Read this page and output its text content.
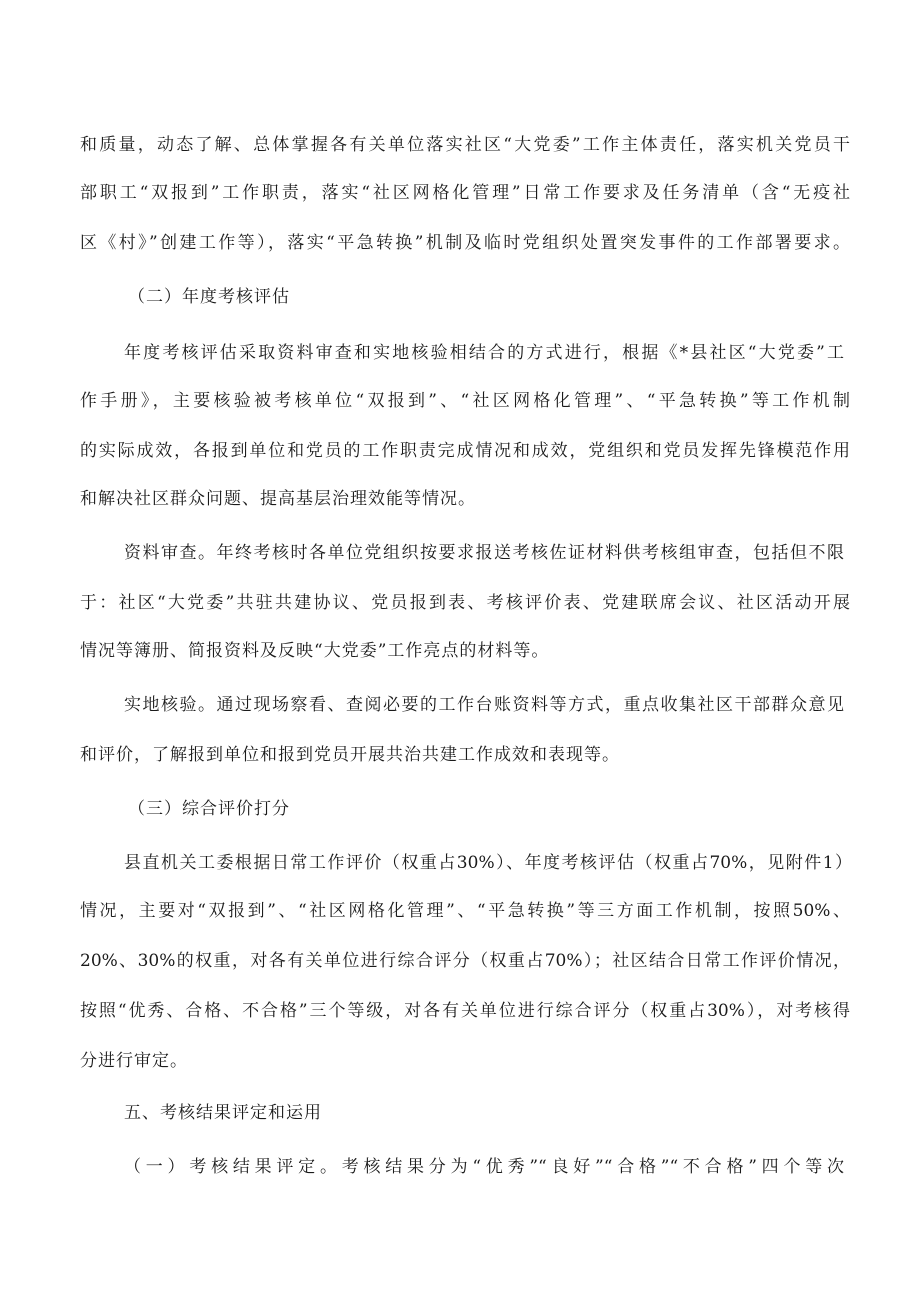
和质量，动态了解、总体掌握各有关单位落实社区“大党委”工作主体责任，落实机关党员干
部职工“双报到”工作职责，落实“社区网格化管理”日常工作要求及任务清单（含“无疫社
区《村》”创建工作等），落实“平急转换”机制及临时党组织处置突发事件的工作部署要求。
（二）年度考核评估
年度考核评估采取资料审查和实地核验相结合的方式进行，根据《*县社区“大党委”工
作手册》，主要核验被考核单位“双报到”、“社区网格化管理”、“平急转换”等工作机制
的实际成效，各报到单位和党员的工作职责完成情况和成效，党组织和党员发挥先锋模范作用
和解决社区群众问题、提高基层治理效能等情况。
资料审查。年终考核时各单位党组织按要求报送考核佐证材料供考核组审查，包括但不限
于：社区“大党委”共驻共建协议、党员报到表、考核评价表、党建联席会议、社区活动开展
情况等簿册、简报资料及反映“大党委”工作亮点的材料等。
实地核验。通过现场察看、查阅必要的工作台账资料等方式，重点收集社区干部群众意见
和评价，了解报到单位和报到党员开展共治共建工作成效和表现等。
（三）综合评价打分
县直机关工委根据日常工作评价（权重占30%）、年度考核评估（权重占70%，见附件1）
情况，主要对“双报到”、“社区网格化管理”、“平急转换”等三方面工作机制，按照50%、
20%、30%的权重，对各有关单位进行综合评分（权重占70%）；社区结合日常工作评价情况，
按照“优秀、合格、不合格”三个等级，对各有关单位进行综合评分（权重占30%），对考核得
分进行审定。
五、考核结果评定和运用
（一）考核结果评定。考核结果分为“优秀”“良好”“合格”“不合格”四个等次
